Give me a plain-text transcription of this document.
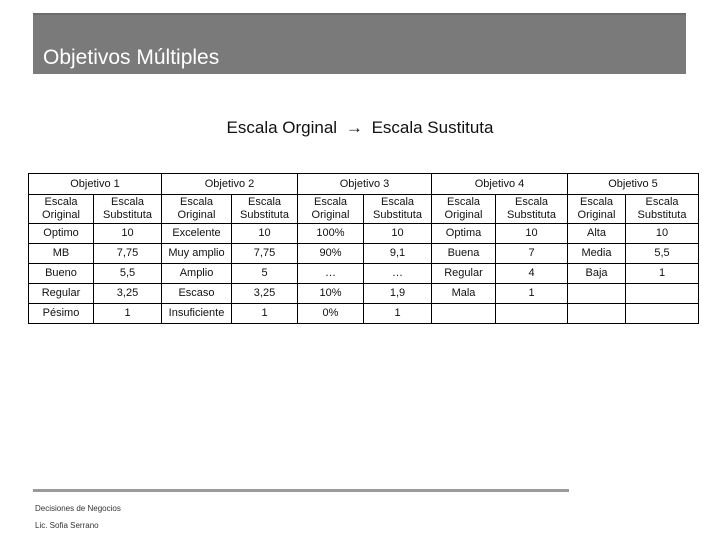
Objetivos Múltiples
Escala Orginal → Escala Sustituta
Objetivo 1		Objetivo 2		Objetivo 3		Objetivo 4		Objetivo 5	
Escala Original	Escala Substituta	Escala Original	Escala Substituta	Escala Original	Escala Substituta	Escala Original	Escala Substituta	Escala Original	Escala Substituta
Optimo	10	Excelente	10	100%	10	Optima	10	Alta	10
MB	7,75	Muy amplio	7,75	90%	9,1	Buena	7	Media	5,5
Bueno	5,5	Amplio	5	…	…	Regular	4	Baja	1
Regular	3,25	Escaso	3,25	10%	1,9	Mala	1		
Pésimo	1	Insuficiente	1	0%	1				
Decisiones de Negocios
Lic. Sofia Serrano
